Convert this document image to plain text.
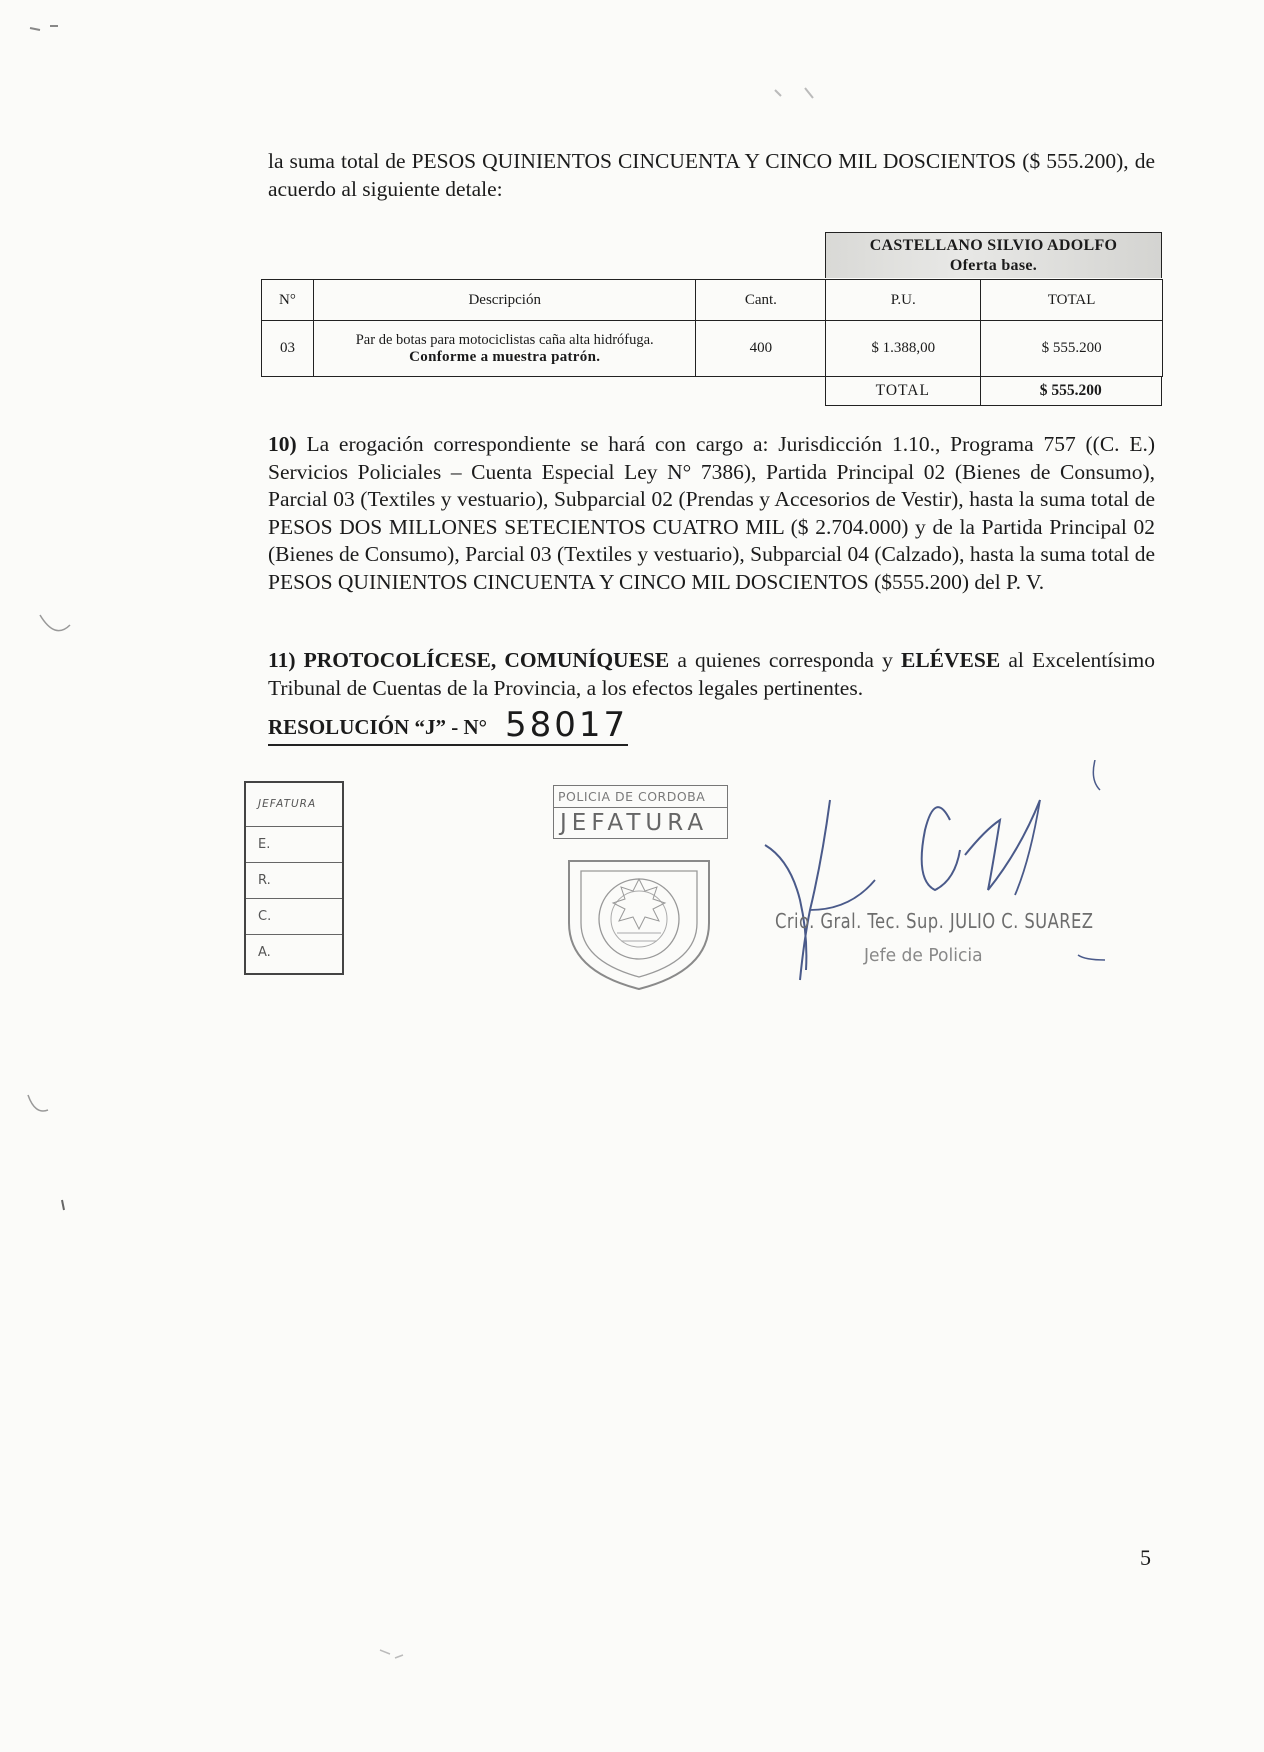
la suma total de PESOS QUINIENTOS CINCUENTA Y CINCO MIL DOSCIENTOS ($ 555.200), de acuerdo al siguiente detale:

CASTELLANO SILVIO ADOLFO
Oferta base.
N°	Descripción	Cant.	P.U.	TOTAL
03	Par de botas para motociclistas caña alta hidrófuga.
Conforme a muestra patrón.	400	$ 1.388,00	$ 555.200
TOTAL	$ 555.200

10) La erogación correspondiente se hará con cargo a: Jurisdicción 1.10., Programa 757 ((C. E.) Servicios Policiales – Cuenta Especial Ley N° 7386), Partida Principal 02 (Bienes de Consumo), Parcial 03 (Textiles y vestuario), Subparcial 02 (Prendas y Accesorios de Vestir), hasta la suma total de PESOS DOS MILLONES SETECIENTOS CUATRO MIL ($ 2.704.000) y de la Partida Principal 02 (Bienes de Consumo), Parcial 03 (Textiles y vestuario), Subparcial 04 (Calzado), hasta la suma total de PESOS QUINIENTOS CINCUENTA Y CINCO MIL DOSCIENTOS ($555.200) del P. V.

11) PROTOCOLÍCESE, COMUNÍQUESE a quienes corresponda y ELÉVESE al Excelentísimo Tribunal de Cuentas de la Provincia, a los efectos legales pertinentes.

RESOLUCIÓN “J” - N° 58017
JEFATURA
E.
R.
C.
A.
POLICIA DE CORDOBA
JEFATURA
Crio. Gral. Tec. Sup. JULIO C. SUAREZ
Jefe de Policia
5
